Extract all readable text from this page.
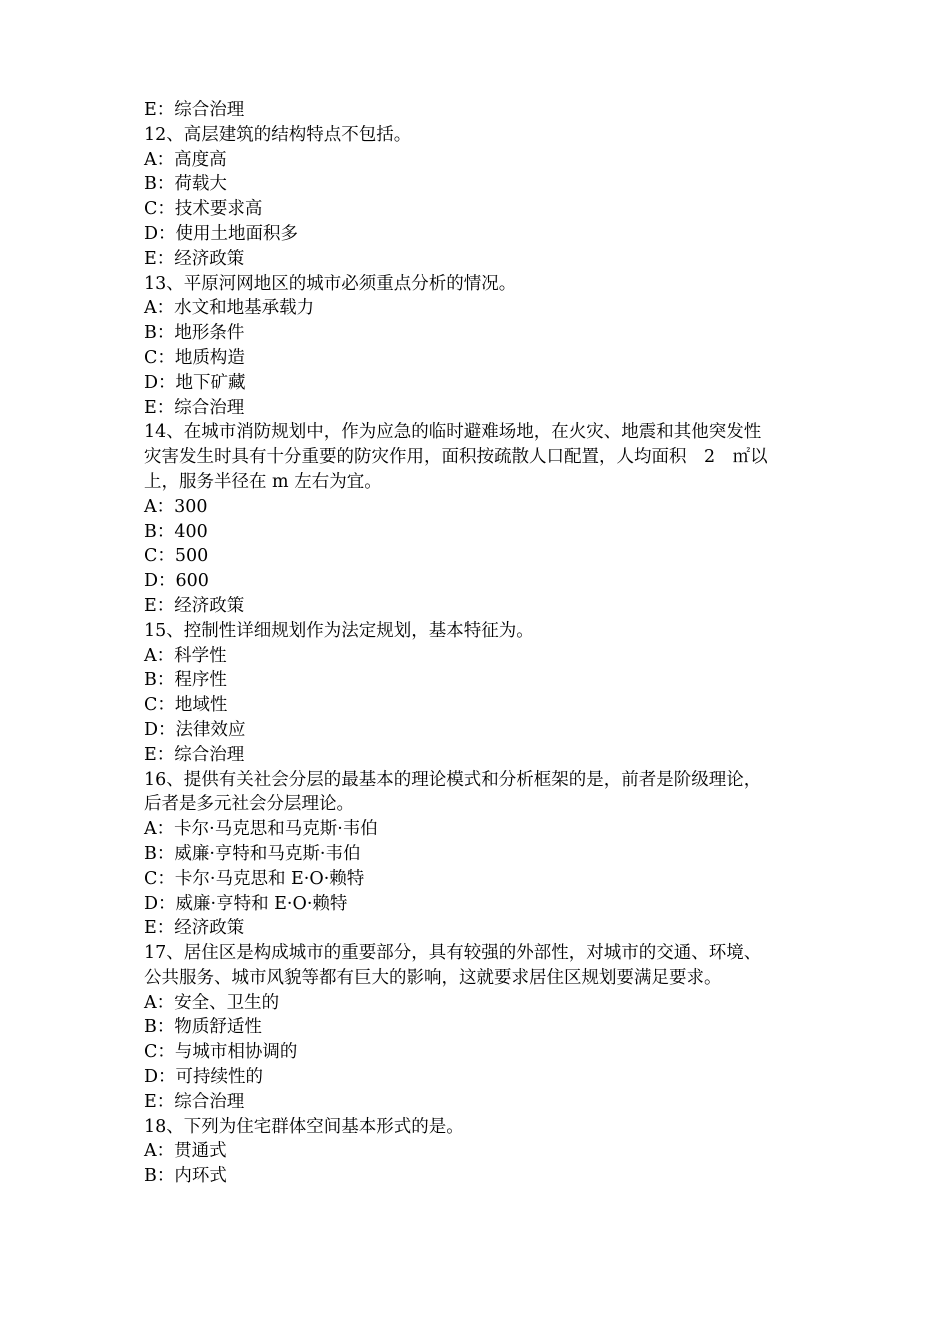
E：综合治理

12、高层建筑的结构特点不包括。

A：高度高

B：荷载大

C：技术要求高

D：使用土地面积多

E：经济政策

13、平原河网地区的城市必须重点分析的情况。

A：水文和地基承载力

B：地形条件

C：地质构造

D：地下矿藏

E：综合治理

14、在城市消防规划中，作为应急的临时避难场地，在火灾、地震和其他突发性

灾害发生时具有十分重要的防灾作用，面积按疏散人口配置，人均面积　2　㎡以

上，服务半径在 m 左右为宜。

A：300

B：400

C：500

D：600

E：经济政策

15、控制性详细规划作为法定规划，基本特征为。

A：科学性

B：程序性

C：地域性

D：法律效应

E：综合治理

16、提供有关社会分层的最基本的理论模式和分析框架的是，前者是阶级理论，

后者是多元社会分层理论。

A：卡尔·马克思和马克斯·韦伯

B：威廉·亨特和马克斯·韦伯

C：卡尔·马克思和 E·O·赖特

D：威廉·亨特和 E·O·赖特

E：经济政策

17、居住区是构成城市的重要部分，具有较强的外部性，对城市的交通、环境、

公共服务、城市风貌等都有巨大的影响，这就要求居住区规划要满足要求。

A：安全、卫生的

B：物质舒适性

C：与城市相协调的

D：可持续性的

E：综合治理

18、下列为住宅群体空间基本形式的是。

A：贯通式

B：内环式
